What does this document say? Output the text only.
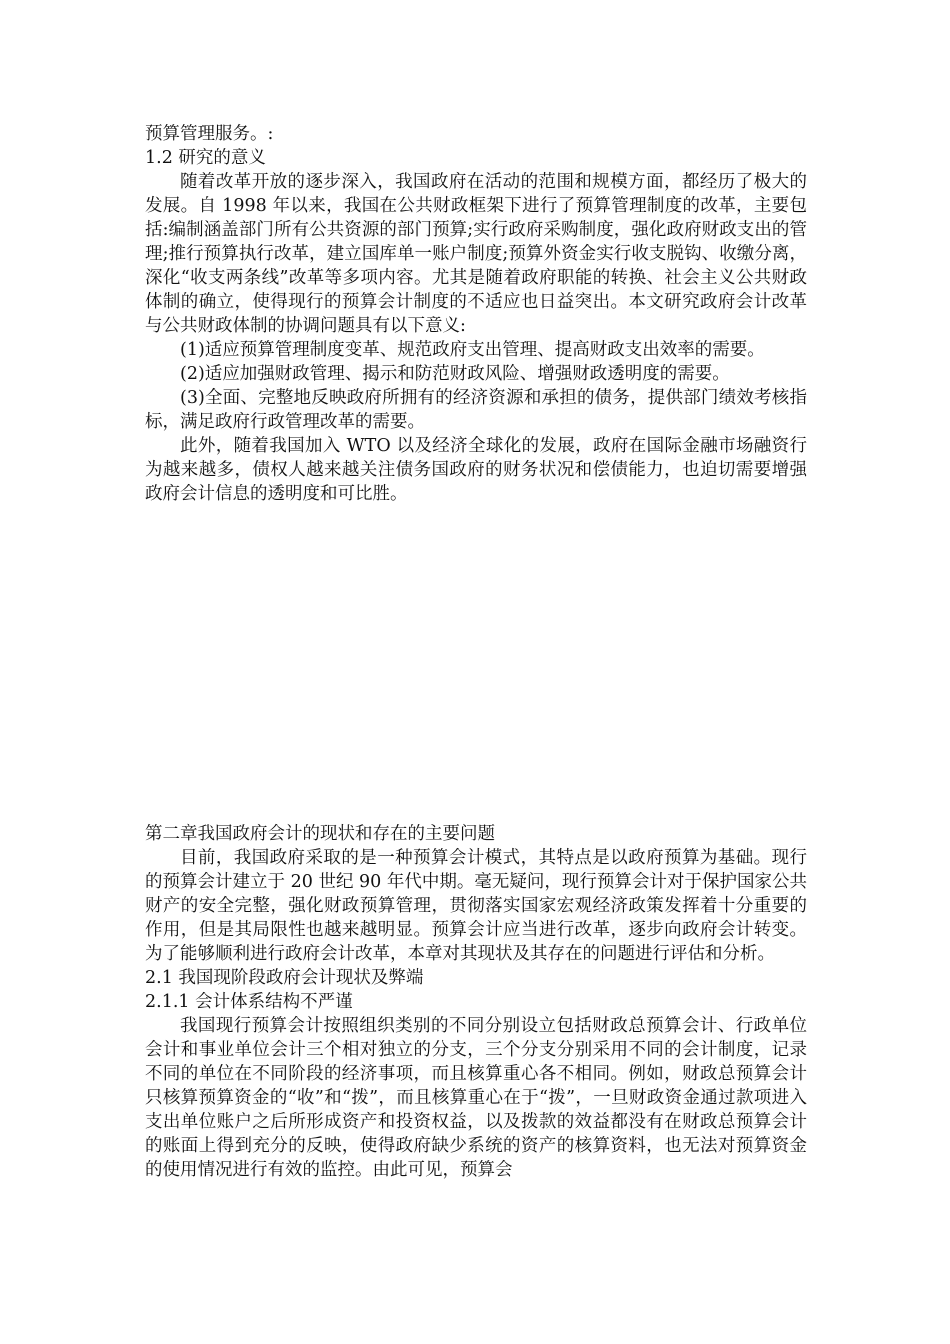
预算管理服务。:

1.2 研究的意义

随着改革开放的逐步深入，我国政府在活动的范围和规模方面，都经历了极大的发展。自 1998 年以来，我国在公共财政框架下进行了预算管理制度的改革，主要包括:编制涵盖部门所有公共资源的部门预算;实行政府采购制度，强化政府财政支出的管理;推行预算执行改革，建立国库单一账户制度;预算外资金实行收支脱钩、收缴分离，深化“收支两条线”改革等多项内容。尤其是随着政府职能的转换、社会主义公共财政体制的确立，使得现行的预算会计制度的不适应也日益突出。本文研究政府会计改革与公共财政体制的协调问题具有以下意义:

(1)适应预算管理制度变革、规范政府支出管理、提高财政支出效率的需要。

(2)适应加强财政管理、揭示和防范财政风险、增强财政透明度的需要。

(3)全面、完整地反映政府所拥有的经济资源和承担的债务，提供部门绩效考核指标，满足政府行政管理改革的需要。

此外，随着我国加入 WTO 以及经济全球化的发展，政府在国际金融市场融资行为越来越多，债权人越来越关注债务国政府的财务状况和偿债能力，也迫切需要增强政府会计信息的透明度和可比胜。

第二章我国政府会计的现状和存在的主要问题

目前，我国政府采取的是一种预算会计模式，其特点是以政府预算为基础。现行的预算会计建立于 20 世纪 90 年代中期。毫无疑问，现行预算会计对于保护国家公共财产的安全完整，强化财政预算管理，贯彻落实国家宏观经济政策发挥着十分重要的作用，但是其局限性也越来越明显。预算会计应当进行改革，逐步向政府会计转变。为了能够顺利进行政府会计改革，本章对其现状及其存在的问题进行评估和分析。

2.1 我国现阶段政府会计现状及弊端

2.1.1 会计体系结构不严谨

我国现行预算会计按照组织类别的不同分别设立包括财政总预算会计、行政单位会计和事业单位会计三个相对独立的分支，三个分支分别采用不同的会计制度，记录不同的单位在不同阶段的经济事项，而且核算重心各不相同。例如，财政总预算会计只核算预算资金的“收”和“拨”，而且核算重心在于“拨”，一旦财政资金通过款项进入支出单位账户之后所形成资产和投资权益，以及拨款的效益都没有在财政总预算会计的账面上得到充分的反映，使得政府缺少系统的资产的核算资料，也无法对预算资金的使用情况进行有效的监控。由此可见，预算会
